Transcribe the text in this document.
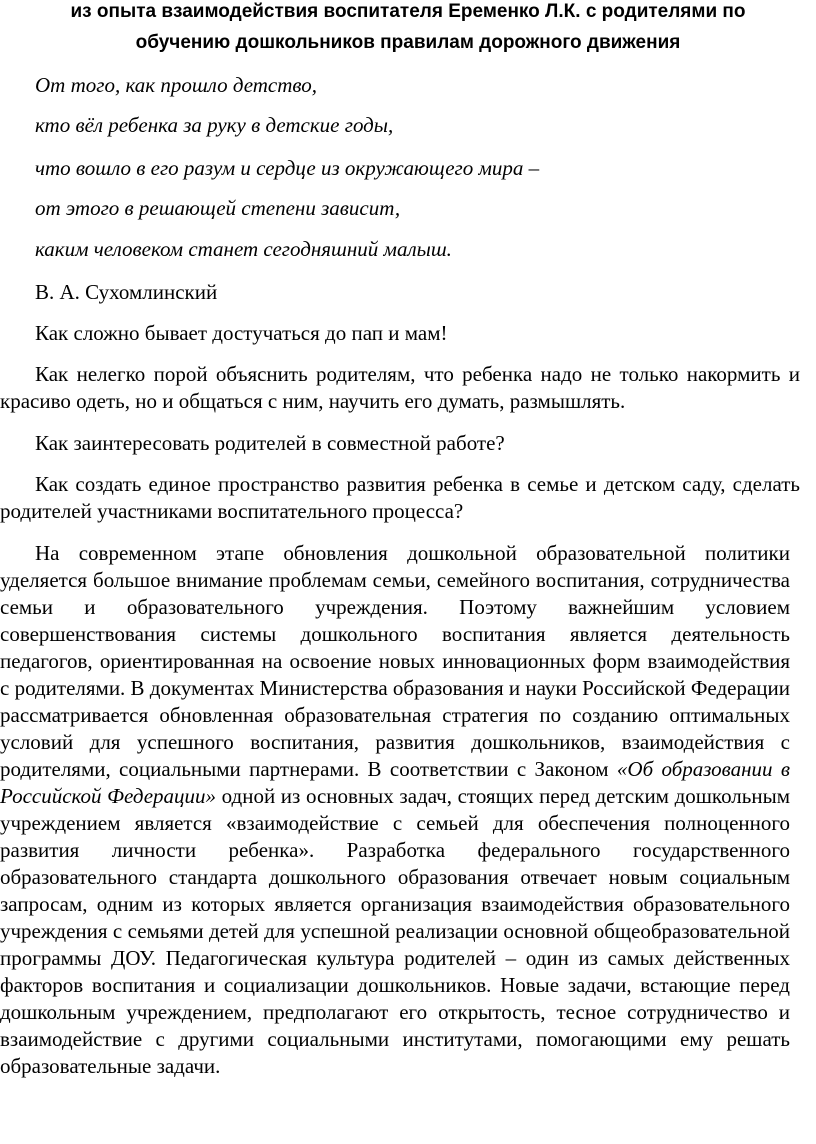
из опыта взаимодействия воспитателя Еременко Л.К. с родителями по

обучению дошкольников правилам дорожного движения

От того, как прошло детство,

кто вёл ребенка за руку в детские годы,

что вошло в его разум и сердце из окружающего мира –

от этого в решающей степени зависит,

каким человеком станет сегодняшний малыш.

В. А. Сухомлинский

Как сложно бывает достучаться до пап и мам!

Как нелегко порой объяснить родителям, что ребенка надо не только накормить и красиво одеть, но и общаться с ним, научить его думать, размышлять.

Как заинтересовать родителей в совместной работе?

Как создать единое пространство развития ребенка в семье и детском саду, сделать родителей участниками воспитательного процесса?

На современном этапе обновления дошкольной образовательной политики уделяется большое внимание проблемам семьи, семейного воспитания, сотрудничества семьи и образовательного учреждения. Поэтому важнейшим условием совершенствования системы дошкольного воспитания является деятельность педагогов, ориентированная на освоение новых инновационных форм взаимодействия с родителями. В документах Министерства образования и науки Российской Федерации рассматривается обновленная образовательная стратегия по созданию оптимальных условий для успешного воспитания, развития дошкольников, взаимодействия с родителями, социальными партнерами. В соответствии с Законом «Об образовании в Российской Федерации» одной из основных задач, стоящих перед детским дошкольным учреждением является «взаимодействие с семьей для обеспечения полноценного развития личности ребенка». Разработка федерального государственного образовательного стандарта дошкольного образования отвечает новым социальным запросам, одним из которых является организация взаимодействия образовательного учреждения с семьями детей для успешной реализации основной общеобразовательной программы ДОУ. Педагогическая культура родителей – один из самых действенных факторов воспитания и социализации дошкольников. Новые задачи, встающие перед дошкольным учреждением, предполагают его открытость, тесное сотрудничество и взаимодействие с другими социальными институтами, помогающими ему решать образовательные задачи.
